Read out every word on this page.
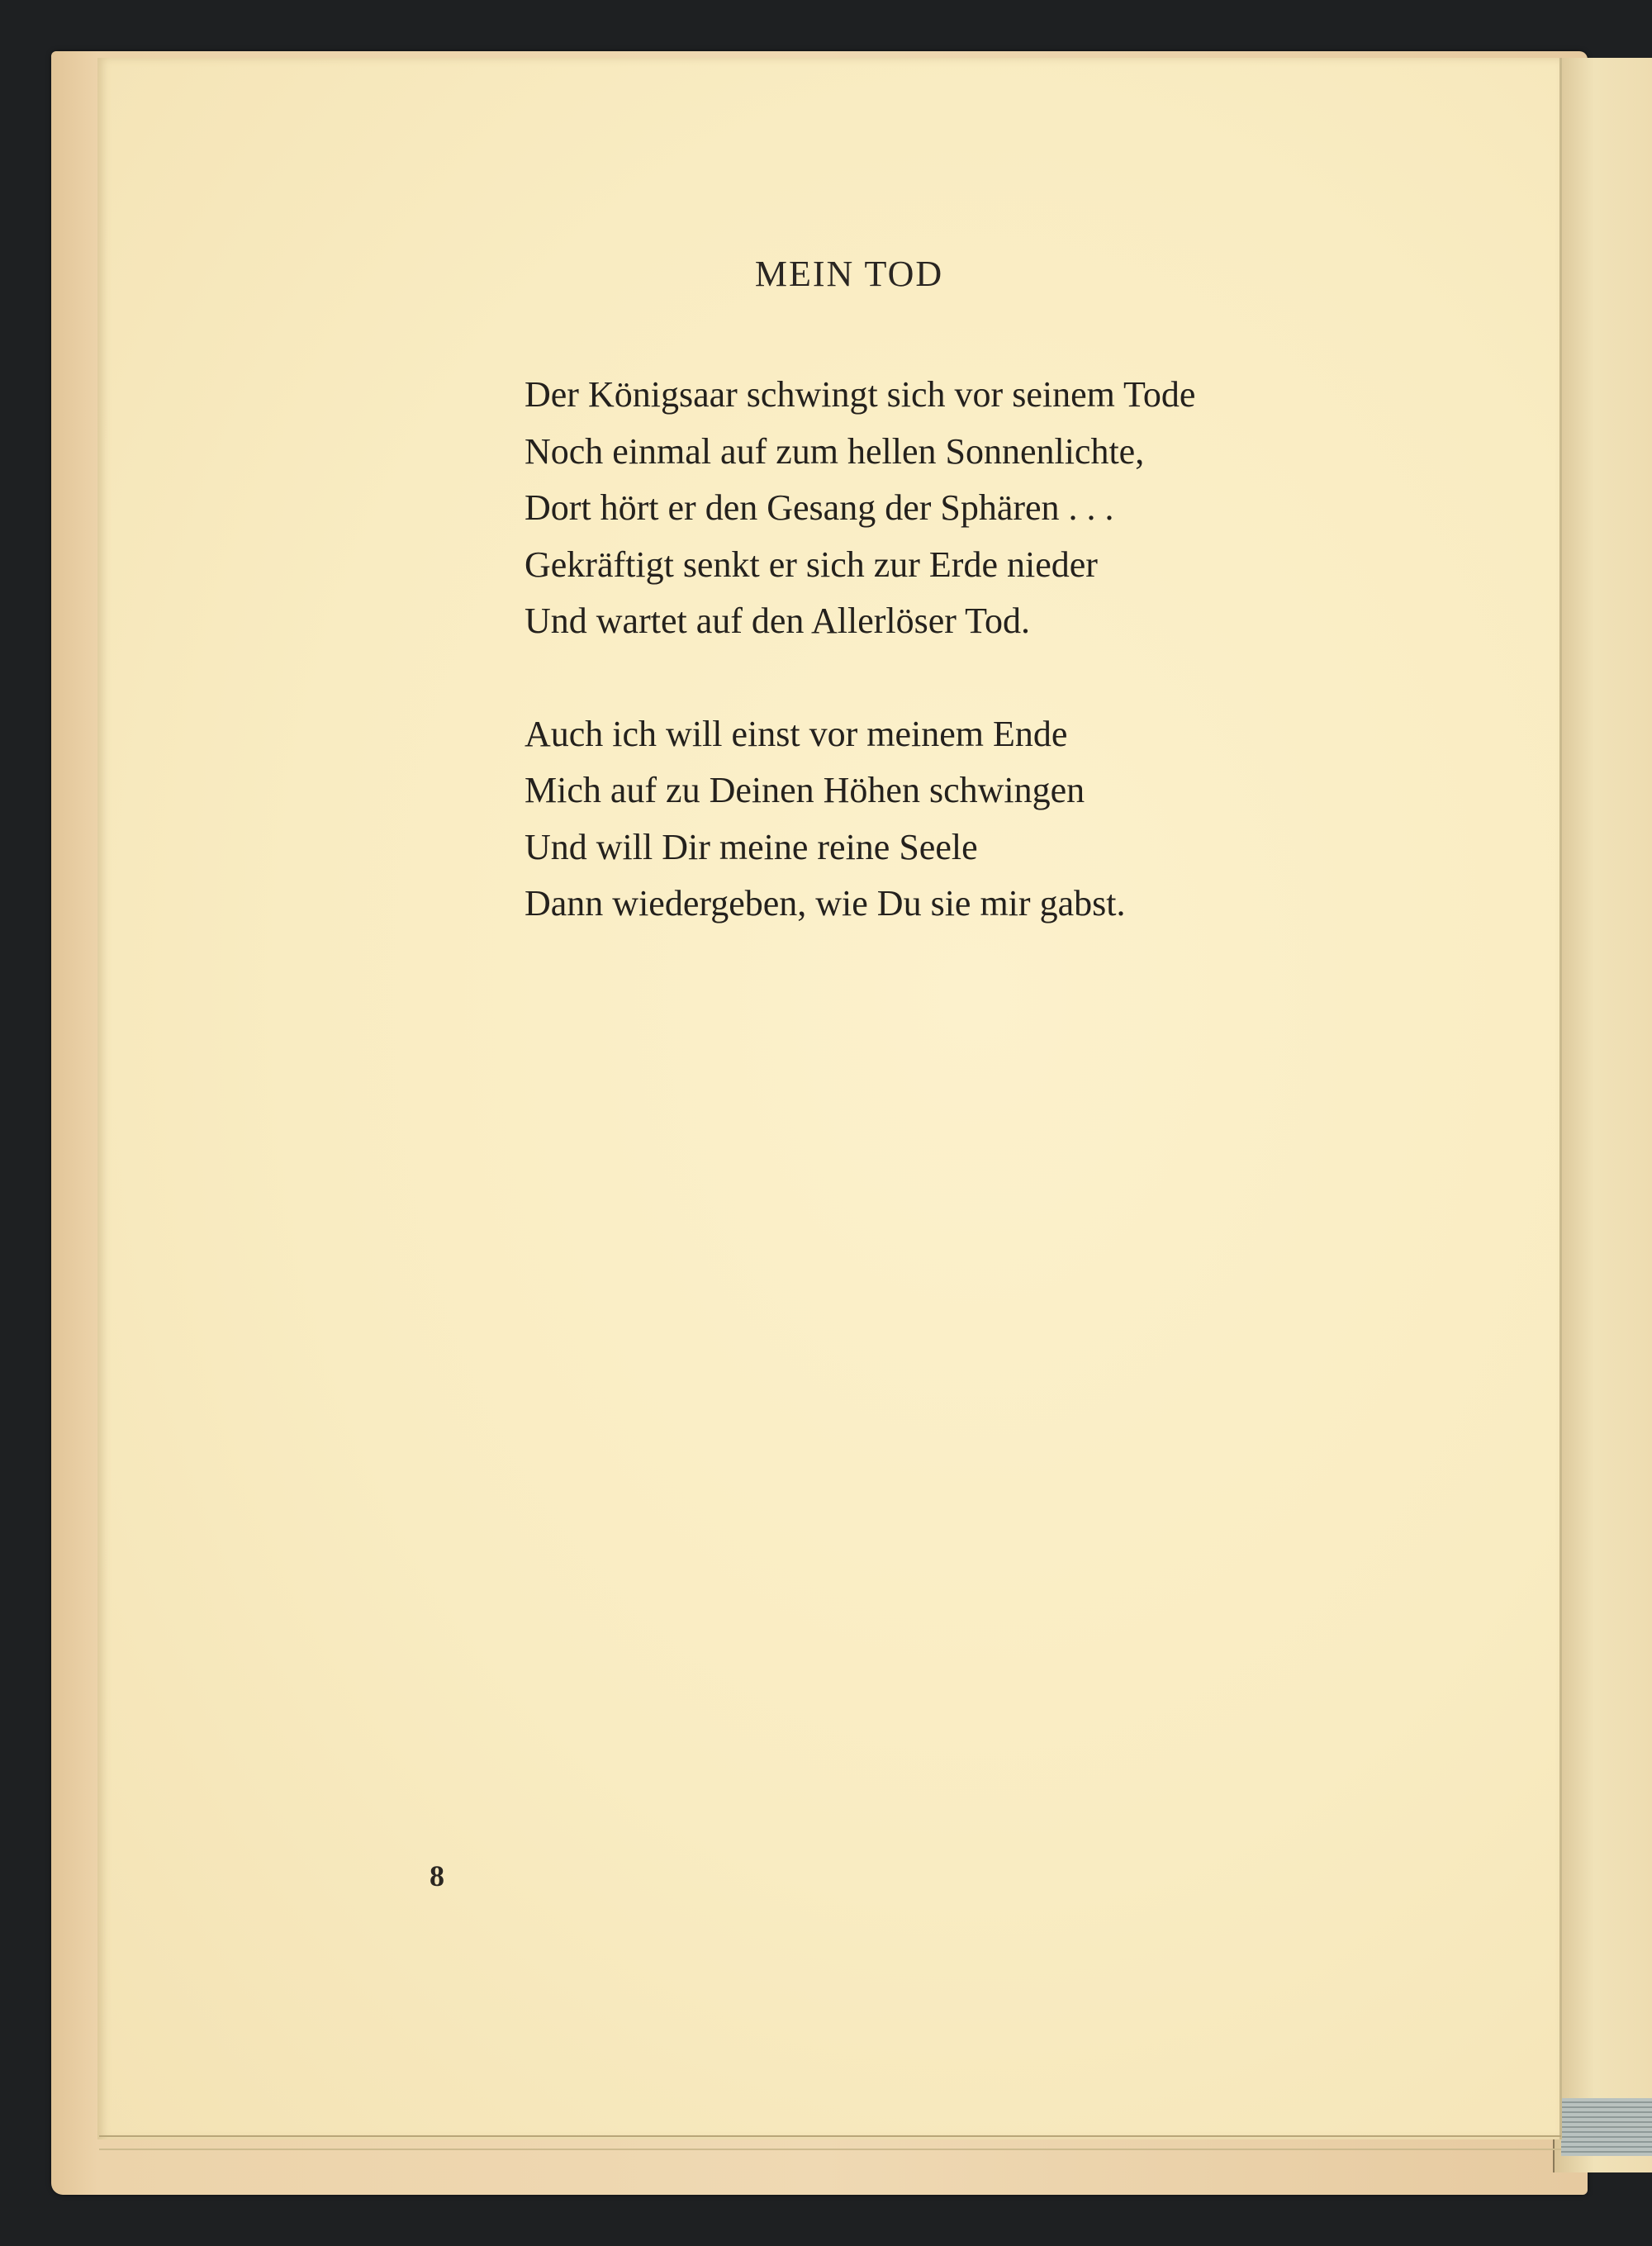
MEIN TOD
Der Königsaar schwingt sich vor seinem Tode
Noch einmal auf zum hellen Sonnenlichte,
Dort hört er den Gesang der Sphären . . .
Gekräftigt senkt er sich zur Erde nieder
Und wartet auf den Allerlöser Tod.
Auch ich will einst vor meinem Ende
Mich auf zu Deinen Höhen schwingen
Und will Dir meine reine Seele
Dann wiedergeben, wie Du sie mir gabst.
8
